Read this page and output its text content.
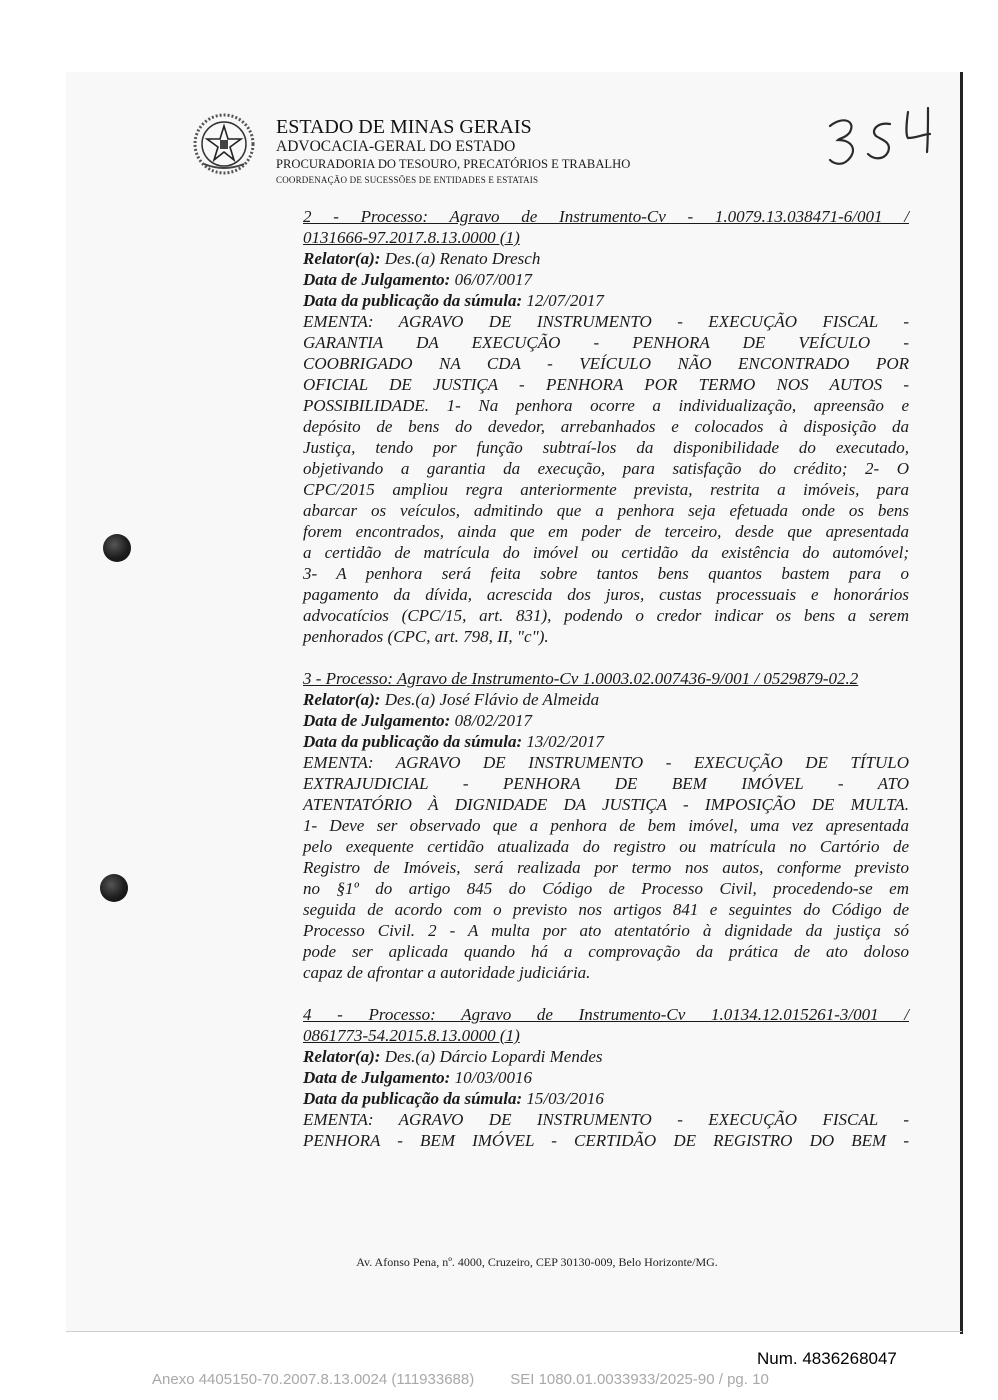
ESTADO DE MINAS GERAIS
ADVOCACIA-GERAL DO ESTADO
PROCURADORIA DO TESOURO, PRECATÓRIOS E TRABALHO
COORDENAÇÃO DE SUCESSÕES DE ENTIDADES E ESTATAIS
2 - Processo: Agravo de Instrumento-Cv - 1.0079.13.038471-6/001 /
0131666-97.2017.8.13.0000 (1)
Relator(a): Des.(a) Renato Dresch
Data de Julgamento: 06/07/0017
Data da publicação da súmula: 12/07/2017
EMENTA: AGRAVO DE INSTRUMENTO - EXECUÇÃO FISCAL -
GARANTIA DA EXECUÇÃO - PENHORA DE VEÍCULO -
COOBRIGADO NA CDA - VEÍCULO NÃO ENCONTRADO POR
OFICIAL DE JUSTIÇA - PENHORA POR TERMO NOS AUTOS -
POSSIBILIDADE. 1- Na penhora ocorre a individualização, apreensão e
depósito de bens do devedor, arrebanhados e colocados à disposição da
Justiça, tendo por função subtraí-los da disponibilidade do executado,
objetivando a garantia da execução, para satisfação do crédito; 2- O
CPC/2015 ampliou regra anteriormente prevista, restrita a imóveis, para
abarcar os veículos, admitindo que a penhora seja efetuada onde os bens
forem encontrados, ainda que em poder de terceiro, desde que apresentada
a certidão de matrícula do imóvel ou certidão da existência do automóvel;
3- A penhora será feita sobre tantos bens quantos bastem para o
pagamento da dívida, acrescida dos juros, custas processuais e honorários
advocatícios (CPC/15, art. 831), podendo o credor indicar os bens a serem
penhorados (CPC, art. 798, II, "c").
3 - Processo: Agravo de Instrumento-Cv 1.0003.02.007436-9/001 / 0529879-02.2
Relator(a): Des.(a) José Flávio de Almeida
Data de Julgamento: 08/02/2017
Data da publicação da súmula: 13/02/2017
EMENTA: AGRAVO DE INSTRUMENTO - EXECUÇÃO DE TÍTULO
EXTRAJUDICIAL - PENHORA DE BEM IMÓVEL - ATO
ATENTATÓRIO À DIGNIDADE DA JUSTIÇA - IMPOSIÇÃO DE MULTA.
1- Deve ser observado que a penhora de bem imóvel, uma vez apresentada
pelo exequente certidão atualizada do registro ou matrícula no Cartório de
Registro de Imóveis, será realizada por termo nos autos, conforme previsto
no §1º do artigo 845 do Código de Processo Civil, procedendo-se em
seguida de acordo com o previsto nos artigos 841 e seguintes do Código de
Processo Civil. 2 - A multa por ato atentatório à dignidade da justiça só
pode ser aplicada quando há a comprovação da prática de ato doloso
capaz de afrontar a autoridade judiciária.
4 - Processo: Agravo de Instrumento-Cv 1.0134.12.015261-3/001 /
0861773-54.2015.8.13.0000 (1)
Relator(a): Des.(a) Dárcio Lopardi Mendes
Data de Julgamento: 10/03/0016
Data da publicação da súmula: 15/03/2016
EMENTA: AGRAVO DE INSTRUMENTO - EXECUÇÃO FISCAL -
PENHORA - BEM IMÓVEL - CERTIDÃO DE REGISTRO DO BEM -
Av. Afonso Pena, nº. 4000, Cruzeiro, CEP 30130-009, Belo Horizonte/MG.
Num. 4836268047
Anexo 4405150-70.2007.8.13.0024 (111933688) SEI 1080.01.0033933/2025-90 / pg. 10
